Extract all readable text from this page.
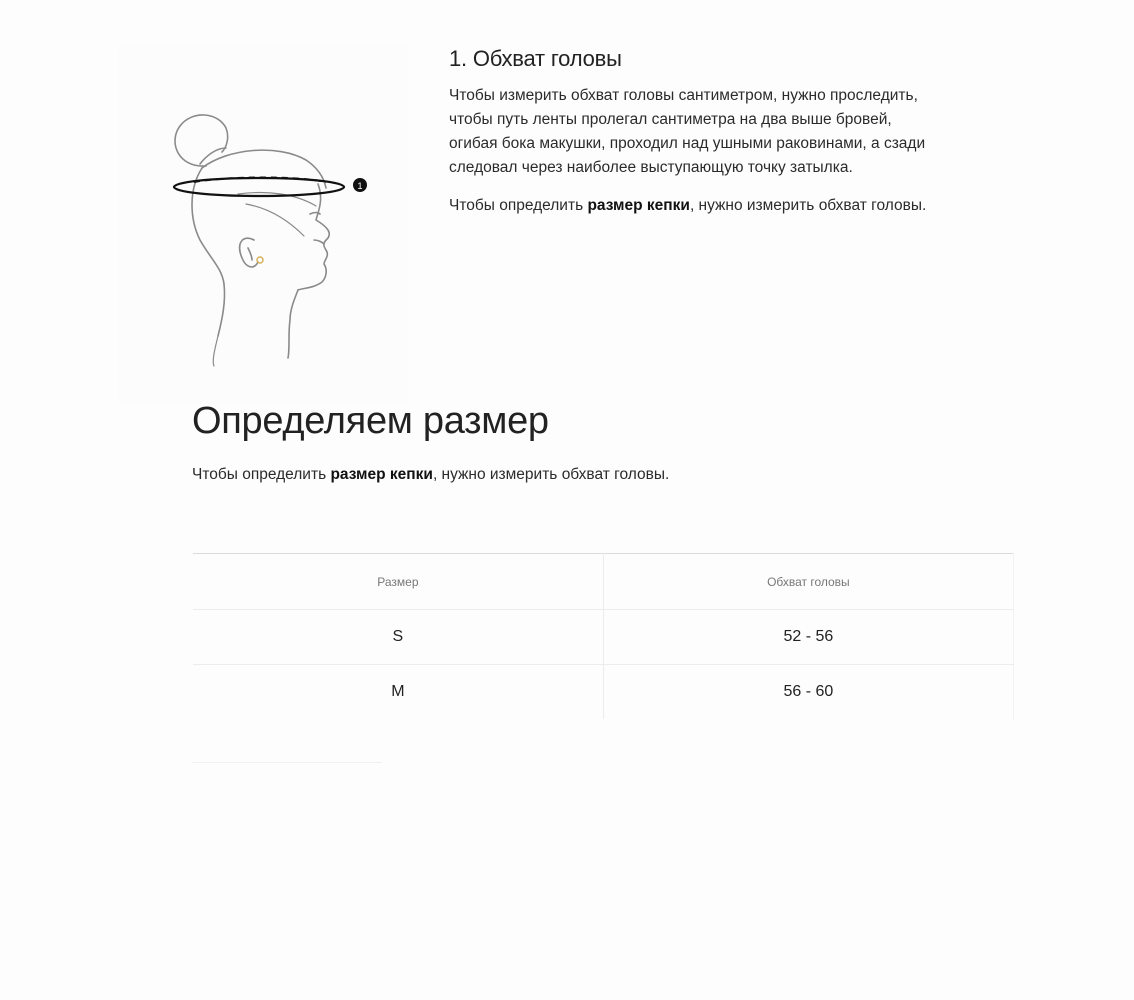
1
1. Обхват головы

Чтобы измерить обхват головы сантиметром, нужно проследить, чтобы путь ленты пролегал сантиметра на два выше бровей, огибая бока макушки, проходил над ушными раковинами, а сзади следовал через наиболее выступающую точку затылка.

Чтобы определить размер кепки, нужно измерить обхват головы.

Определяем размер

Чтобы определить размер кепки, нужно измерить обхват головы.

Размер	Обхват головы
S	52 - 56
M	56 - 60
